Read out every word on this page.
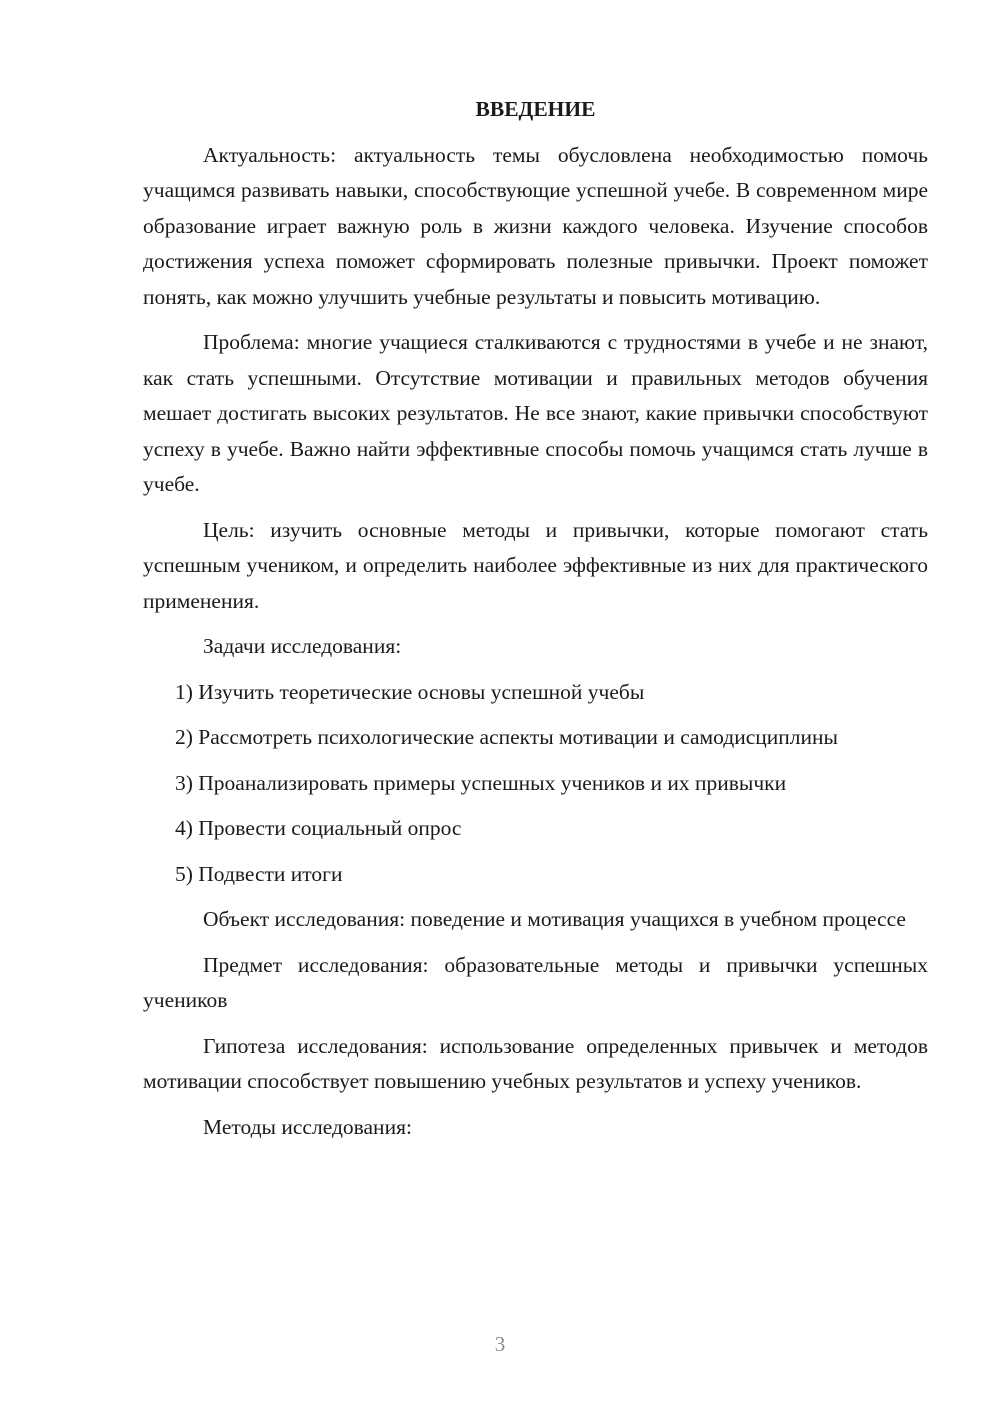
ВВЕДЕНИЕ

Актуальность: актуальность темы обусловлена необходимостью помочь учащимся развивать навыки, способствующие успешной учебе. В современном мире образование играет важную роль в жизни каждого человека. Изучение способов достижения успеха поможет сформировать полезные привычки. Проект поможет понять, как можно улучшить учебные результаты и повысить мотивацию.

Проблема: многие учащиеся сталкиваются с трудностями в учебе и не знают, как стать успешными. Отсутствие мотивации и правильных методов обучения мешает достигать высоких результатов. Не все знают, какие привычки способствуют успеху в учебе. Важно найти эффективные способы помочь учащимся стать лучше в учебе.

Цель: изучить основные методы и привычки, которые помогают стать успешным учеником, и определить наиболее эффективные из них для практического применения.

Задачи исследования:

1) Изучить теоретические основы успешной учебы

2) Рассмотреть психологические аспекты мотивации и самодисциплины

3) Проанализировать примеры успешных учеников и их привычки

4) Провести социальный опрос

5) Подвести итоги

Объект исследования: поведение и мотивация учащихся в учебном процессе

Предмет исследования: образовательные методы и привычки успешных учеников

Гипотеза исследования: использование определенных привычек и методов мотивации способствует повышению учебных результатов и успеху учеников.

Методы исследования:

3
